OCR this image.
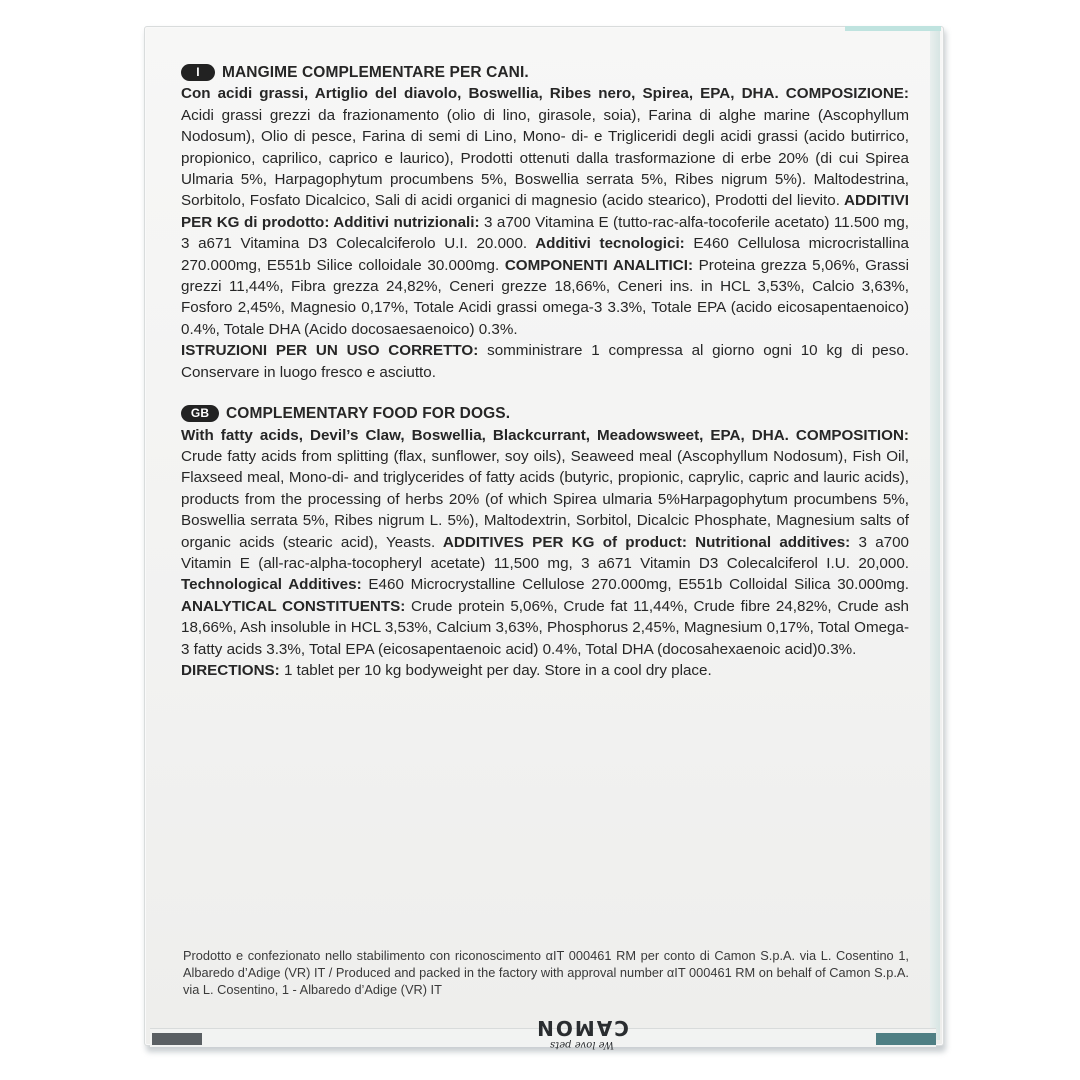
We love pets
CAMON
I	MANGIME COMPLEMENTARE PER CANI.

Con acidi grassi, Artiglio del diavolo, Boswellia, Ribes nero, Spirea, EPA, DHA. COMPOSIZIONE: Acidi grassi grezzi da frazionamento (olio di lino, girasole, soia), Farina di alghe marine (Ascophyllum Nodosum), Olio di pesce, Farina di semi di Lino, Mono- di- e Trigliceridi degli acidi grassi (acido butirrico, propionico, caprilico, caprico e laurico), Prodotti ottenuti dalla trasformazione di erbe 20% (di cui Spirea Ulmaria 5%, Harpagophytum procumbens 5%, Boswellia serrata 5%, Ribes nigrum 5%). Maltodestrina, Sorbitolo, Fosfato Dicalcico, Sali di acidi organici di magnesio (acido stearico), Prodotti del lievito. ADDITIVI PER KG di prodotto: Additivi nutrizionali: 3 a700 Vitamina E (tutto-rac-alfa-tocoferile acetato) 11.500 mg, 3 a671 Vitamina D3 Colecalciferolo U.I. 20.000. Additivi tecnologici: E460 Cellulosa microcristallina 270.000mg, E551b Silice colloidale 30.000mg. COMPONENTI ANALITICI: Proteina grezza 5,06%, Grassi grezzi 11,44%, Fibra grezza 24,82%, Ceneri grezze 18,66%, Ceneri ins. in HCL 3,53%, Calcio 3,63%, Fosforo 2,45%, Magnesio 0,17%, Totale Acidi grassi omega-3 3.3%, Totale EPA (acido eicosapentaenoico) 0.4%, Totale DHA (Acido docosaesaenoico) 0.3%.

ISTRUZIONI PER UN USO CORRETTO: somministrare 1 compressa al giorno ogni 10 kg di peso. Conservare in luogo fresco e asciutto.

GB	COMPLEMENTARY FOOD FOR DOGS.

With fatty acids, Devil’s Claw, Boswellia, Blackcurrant, Meadowsweet, EPA, DHA. COMPOSITION: Crude fatty acids from splitting (flax, sunflower, soy oils), Seaweed meal (Ascophyllum Nodosum), Fish Oil, Flaxseed meal, Mono-di- and triglycerides of fatty acids (butyric, propionic, caprylic, capric and lauric acids), products from the processing of herbs 20% (of which Spirea ulmaria 5%Harpagophytum procumbens 5%, Boswellia serrata 5%, Ribes nigrum L. 5%), Maltodextrin, Sorbitol, Dicalcic Phosphate, Magnesium salts of organic acids (stearic acid), Yeasts. ADDITIVES PER KG of product: Nutritional additives: 3 a700 Vitamin E (all-rac-alpha-tocopheryl acetate) 11,500 mg, 3 a671 Vitamin D3 Colecalciferol I.U. 20,000. Technological Additives: E460 Microcrystalline Cellulose 270.000mg, E551b Colloidal Silica 30.000mg. ANALYTICAL CONSTITUENTS: Crude protein 5,06%, Crude fat 11,44%, Crude fibre 24,82%, Crude ash 18,66%, Ash insoluble in HCL 3,53%, Calcium 3,63%, Phosphorus 2,45%, Magnesium 0,17%, Total Omega-3 fatty acids 3.3%, Total EPA (eicosapentaenoic acid) 0.4%, Total DHA (docosahexaenoic acid)0.3%.

DIRECTIONS: 1 tablet per 10 kg bodyweight per day. Store in a cool dry place.

Prodotto e confezionato nello stabilimento con riconoscimento αIT 000461 RM per conto di Camon S.p.A. via L. Cosentino 1, Albaredo d’Adige (VR) IT / Produced and packed in the factory with approval number αIT 000461 RM on behalf of Camon S.p.A. via L. Cosentino, 1 - Albaredo d’Adige (VR) IT
